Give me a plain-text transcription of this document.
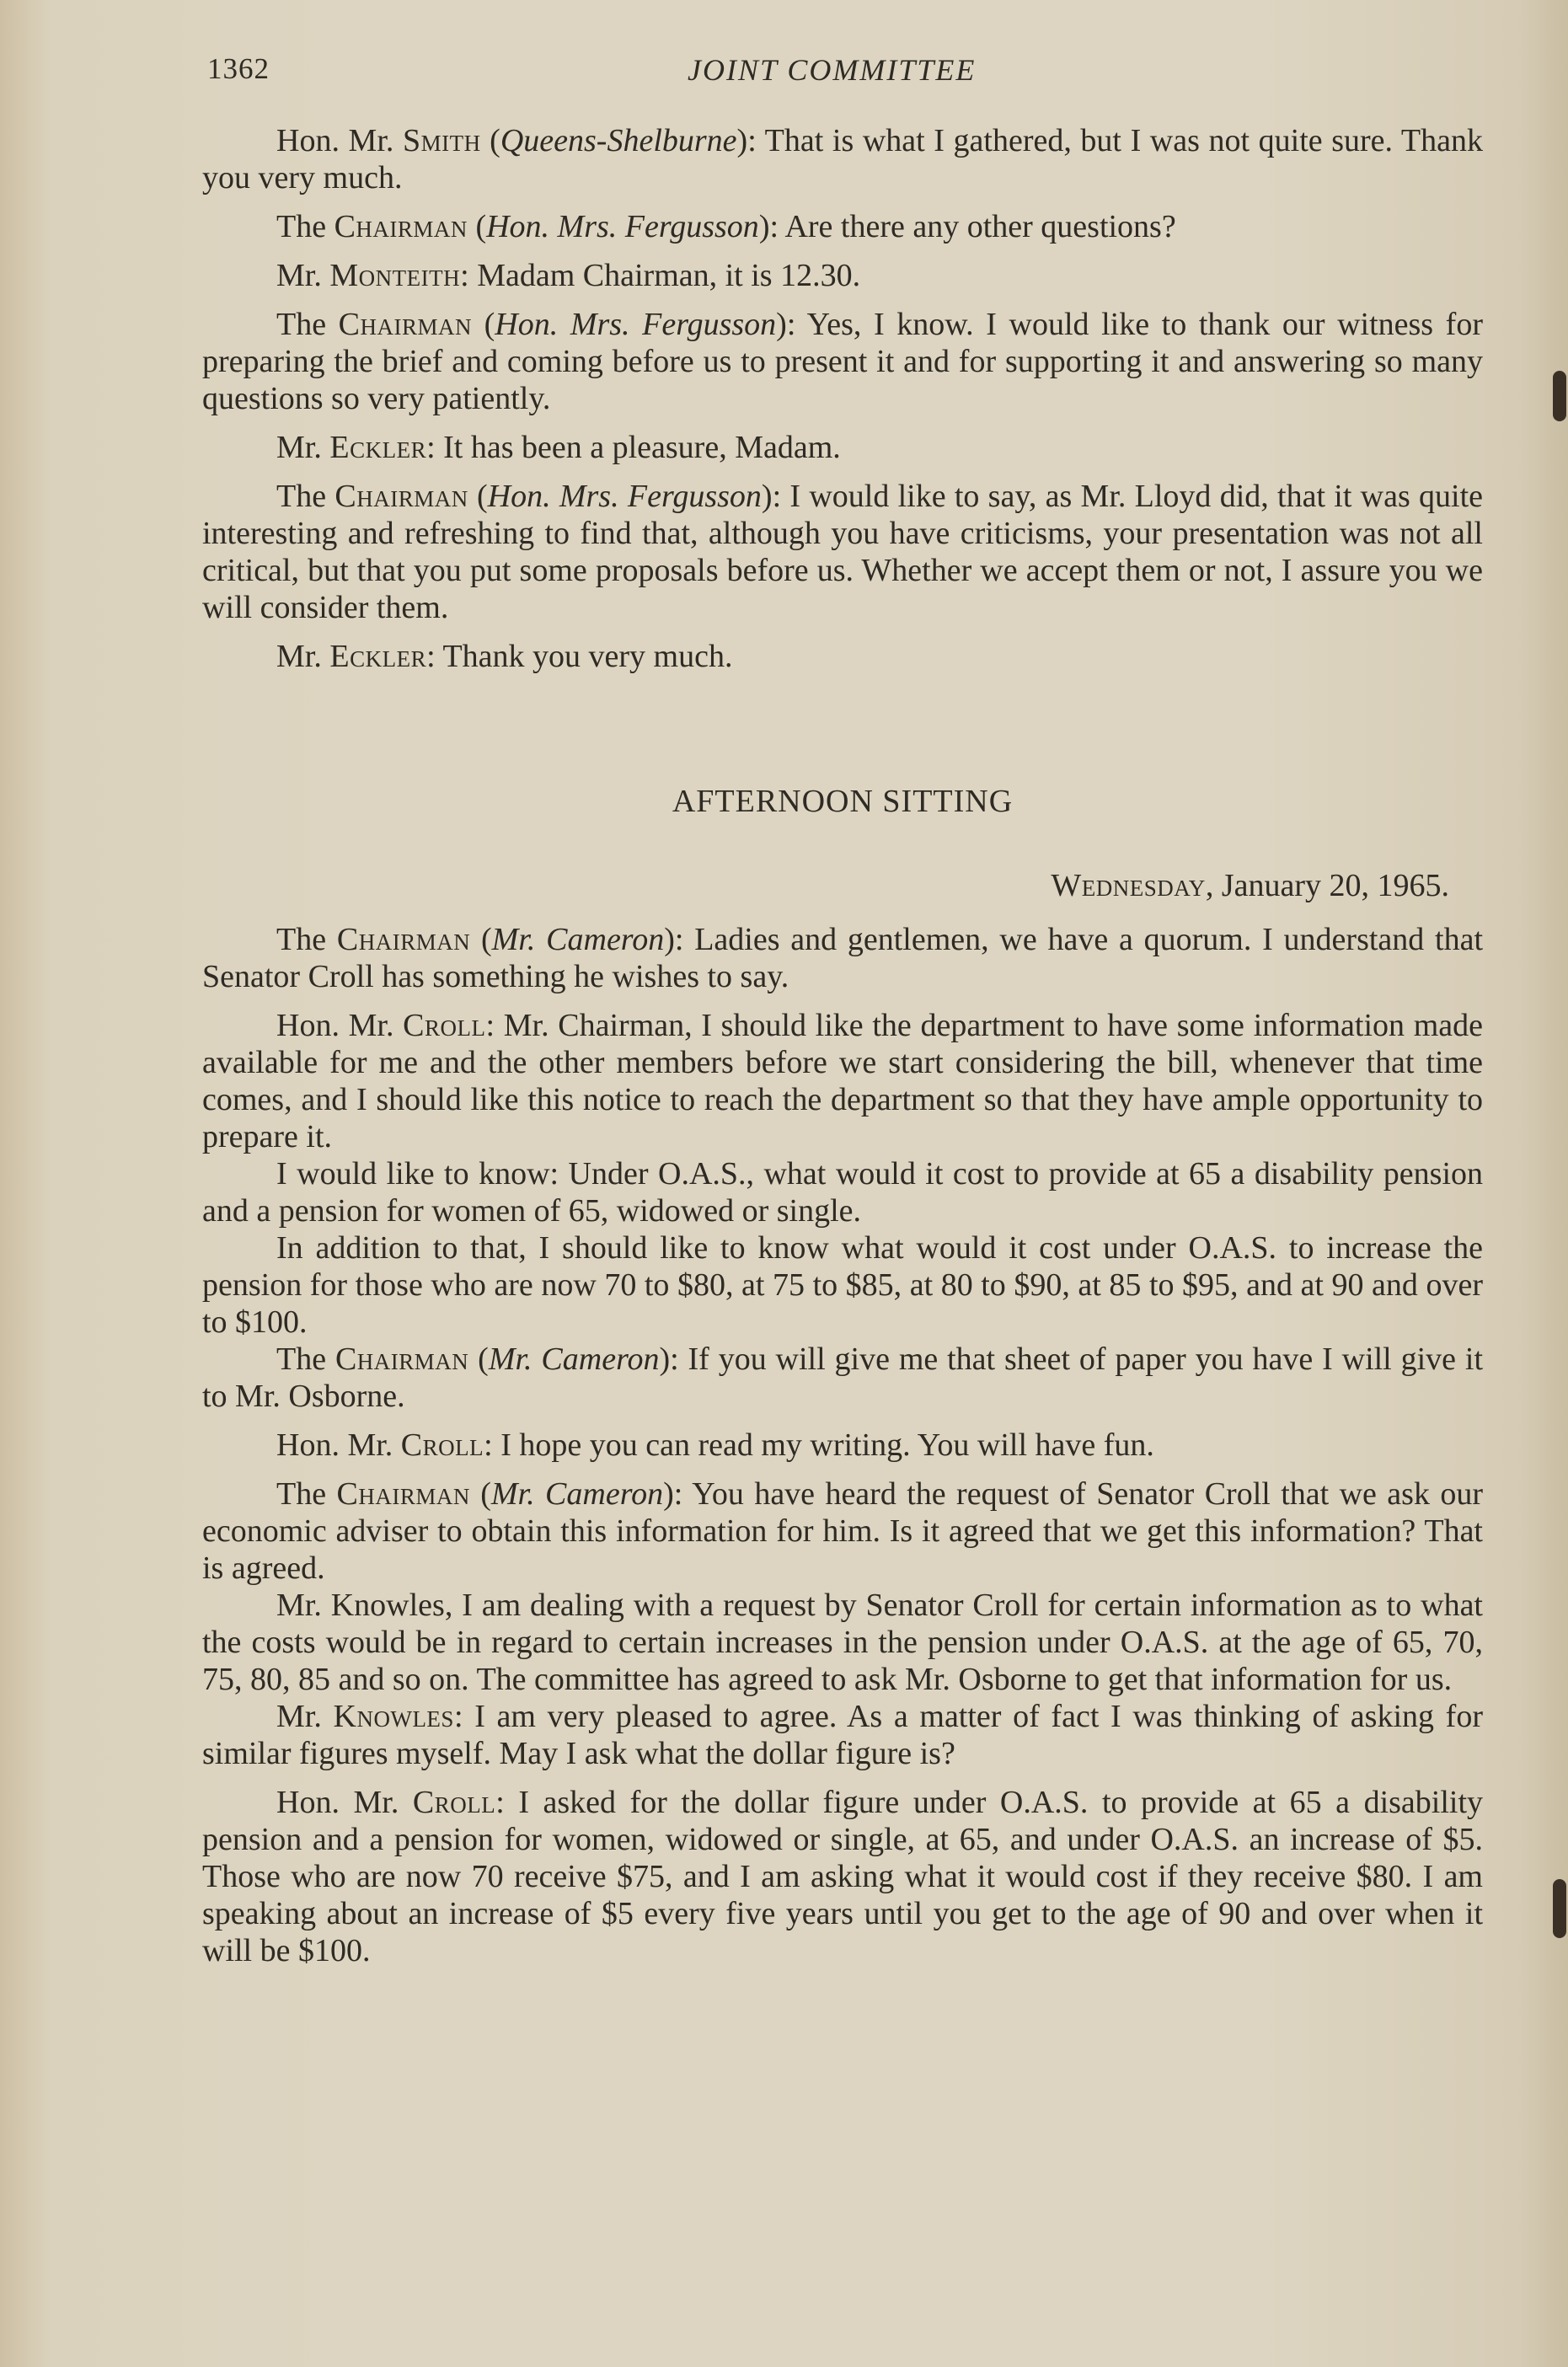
1362	JOINT COMMITTEE

Hon. Mr. Smith (Queens-Shelburne): That is what I gathered, but I was not quite sure. Thank you very much.

The Chairman (Hon. Mrs. Fergusson): Are there any other questions?

Mr. Monteith: Madam Chairman, it is 12.30.

The Chairman (Hon. Mrs. Fergusson): Yes, I know. I would like to thank our witness for preparing the brief and coming before us to present it and for supporting it and answering so many questions so very patiently.

Mr. Eckler: It has been a pleasure, Madam.

The Chairman (Hon. Mrs. Fergusson): I would like to say, as Mr. Lloyd did, that it was quite interesting and refreshing to find that, although you have criticisms, your presentation was not all critical, but that you put some proposals before us. Whether we accept them or not, I assure you we will consider them.

Mr. Eckler: Thank you very much.

AFTERNOON SITTING
Wednesday, January 20, 1965.

The Chairman (Mr. Cameron): Ladies and gentlemen, we have a quorum. I understand that Senator Croll has something he wishes to say.

Hon. Mr. Croll: Mr. Chairman, I should like the department to have some information made available for me and the other members before we start considering the bill, whenever that time comes, and I should like this notice to reach the department so that they have ample opportunity to prepare it.

I would like to know: Under O.A.S., what would it cost to provide at 65 a disability pension and a pension for women of 65, widowed or single.

In addition to that, I should like to know what would it cost under O.A.S. to increase the pension for those who are now 70 to $80, at 75 to $85, at 80 to $90, at 85 to $95, and at 90 and over to $100.

The Chairman (Mr. Cameron): If you will give me that sheet of paper you have I will give it to Mr. Osborne.

Hon. Mr. Croll: I hope you can read my writing. You will have fun.

The Chairman (Mr. Cameron): You have heard the request of Senator Croll that we ask our economic adviser to obtain this information for him. Is it agreed that we get this information? That is agreed.

Mr. Knowles, I am dealing with a request by Senator Croll for certain information as to what the costs would be in regard to certain increases in the pension under O.A.S. at the age of 65, 70, 75, 80, 85 and so on. The committee has agreed to ask Mr. Osborne to get that information for us.

Mr. Knowles: I am very pleased to agree. As a matter of fact I was thinking of asking for similar figures myself. May I ask what the dollar figure is?

Hon. Mr. Croll: I asked for the dollar figure under O.A.S. to provide at 65 a disability pension and a pension for women, widowed or single, at 65, and under O.A.S. an increase of $5. Those who are now 70 receive $75, and I am asking what it would cost if they receive $80. I am speaking about an increase of $5 every five years until you get to the age of 90 and over when it will be $100.
